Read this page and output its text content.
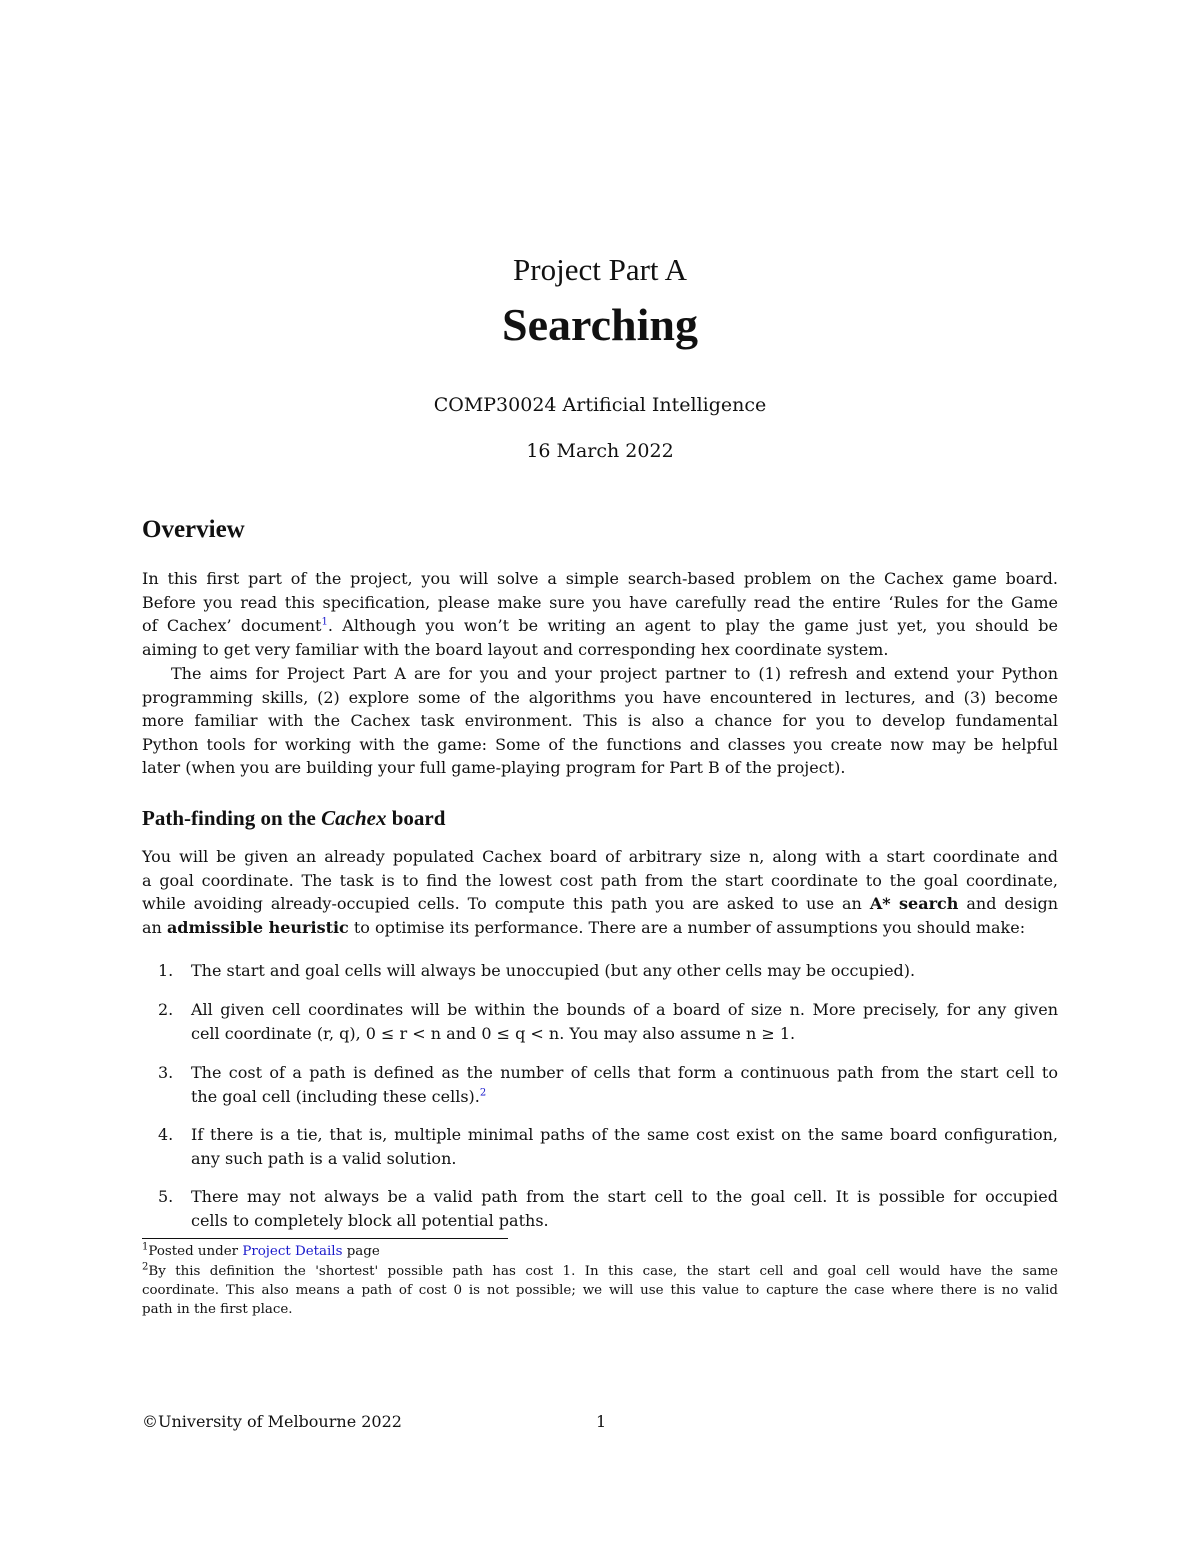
Project Part A
Searching
COMP30024 Artificial Intelligence
16 March 2022
Overview
In this first part of the project, you will solve a simple search-based problem on the Cachex game board.
Before you read this specification, please make sure you have carefully read the entire ‘Rules for the Game
of Cachex’ document$^1$. Although you won’t be writing an agent to play the game just yet, you should be
aiming to get very familiar with the board layout and corresponding hex coordinate system.
The aims for Project Part A are for you and your project partner to (1) refresh and extend your Python
programming skills, (2) explore some of the algorithms you have encountered in lectures, and (3) become
more familiar with the Cachex task environment. This is also a chance for you to develop fundamental
Python tools for working with the game: Some of the functions and classes you create now may be helpful
later (when you are building your full game-playing program for Part B of the project).
Path-finding on the Cachex board
You will be given an already populated Cachex board of arbitrary size n, along with a start coordinate and
a goal coordinate. The task is to find the lowest cost path from the start coordinate to the goal coordinate,
while avoiding already-occupied cells. To compute this path you are asked to use an A* search and design
an admissible heuristic to optimise its performance. There are a number of assumptions you should make:
1.	The start and goal cells will always be unoccupied (but any other cells may be occupied).
2.	All given cell coordinates will be within the bounds of a board of size n. More precisely, for any given
cell coordinate (r, q), 0 ≤ r < n and 0 ≤ q < n. You may also assume n ≥ 1.
3.	The cost of a path is defined as the number of cells that form a continuous path from the start cell to
the goal cell (including these cells).$^2$
4.	If there is a tie, that is, multiple minimal paths of the same cost exist on the same board configuration,
any such path is a valid solution.
5.	There may not always be a valid path from the start cell to the goal cell. It is possible for occupied
cells to completely block all potential paths.
$^1$Posted under Project Details page
$^2$By this definition the 'shortest' possible path has cost 1. In this case, the start cell and goal cell would have the same
coordinate. This also means a path of cost 0 is not possible; we will use this value to capture the case where there is no valid
path in the first place.
©University of Melbourne 2022	1
